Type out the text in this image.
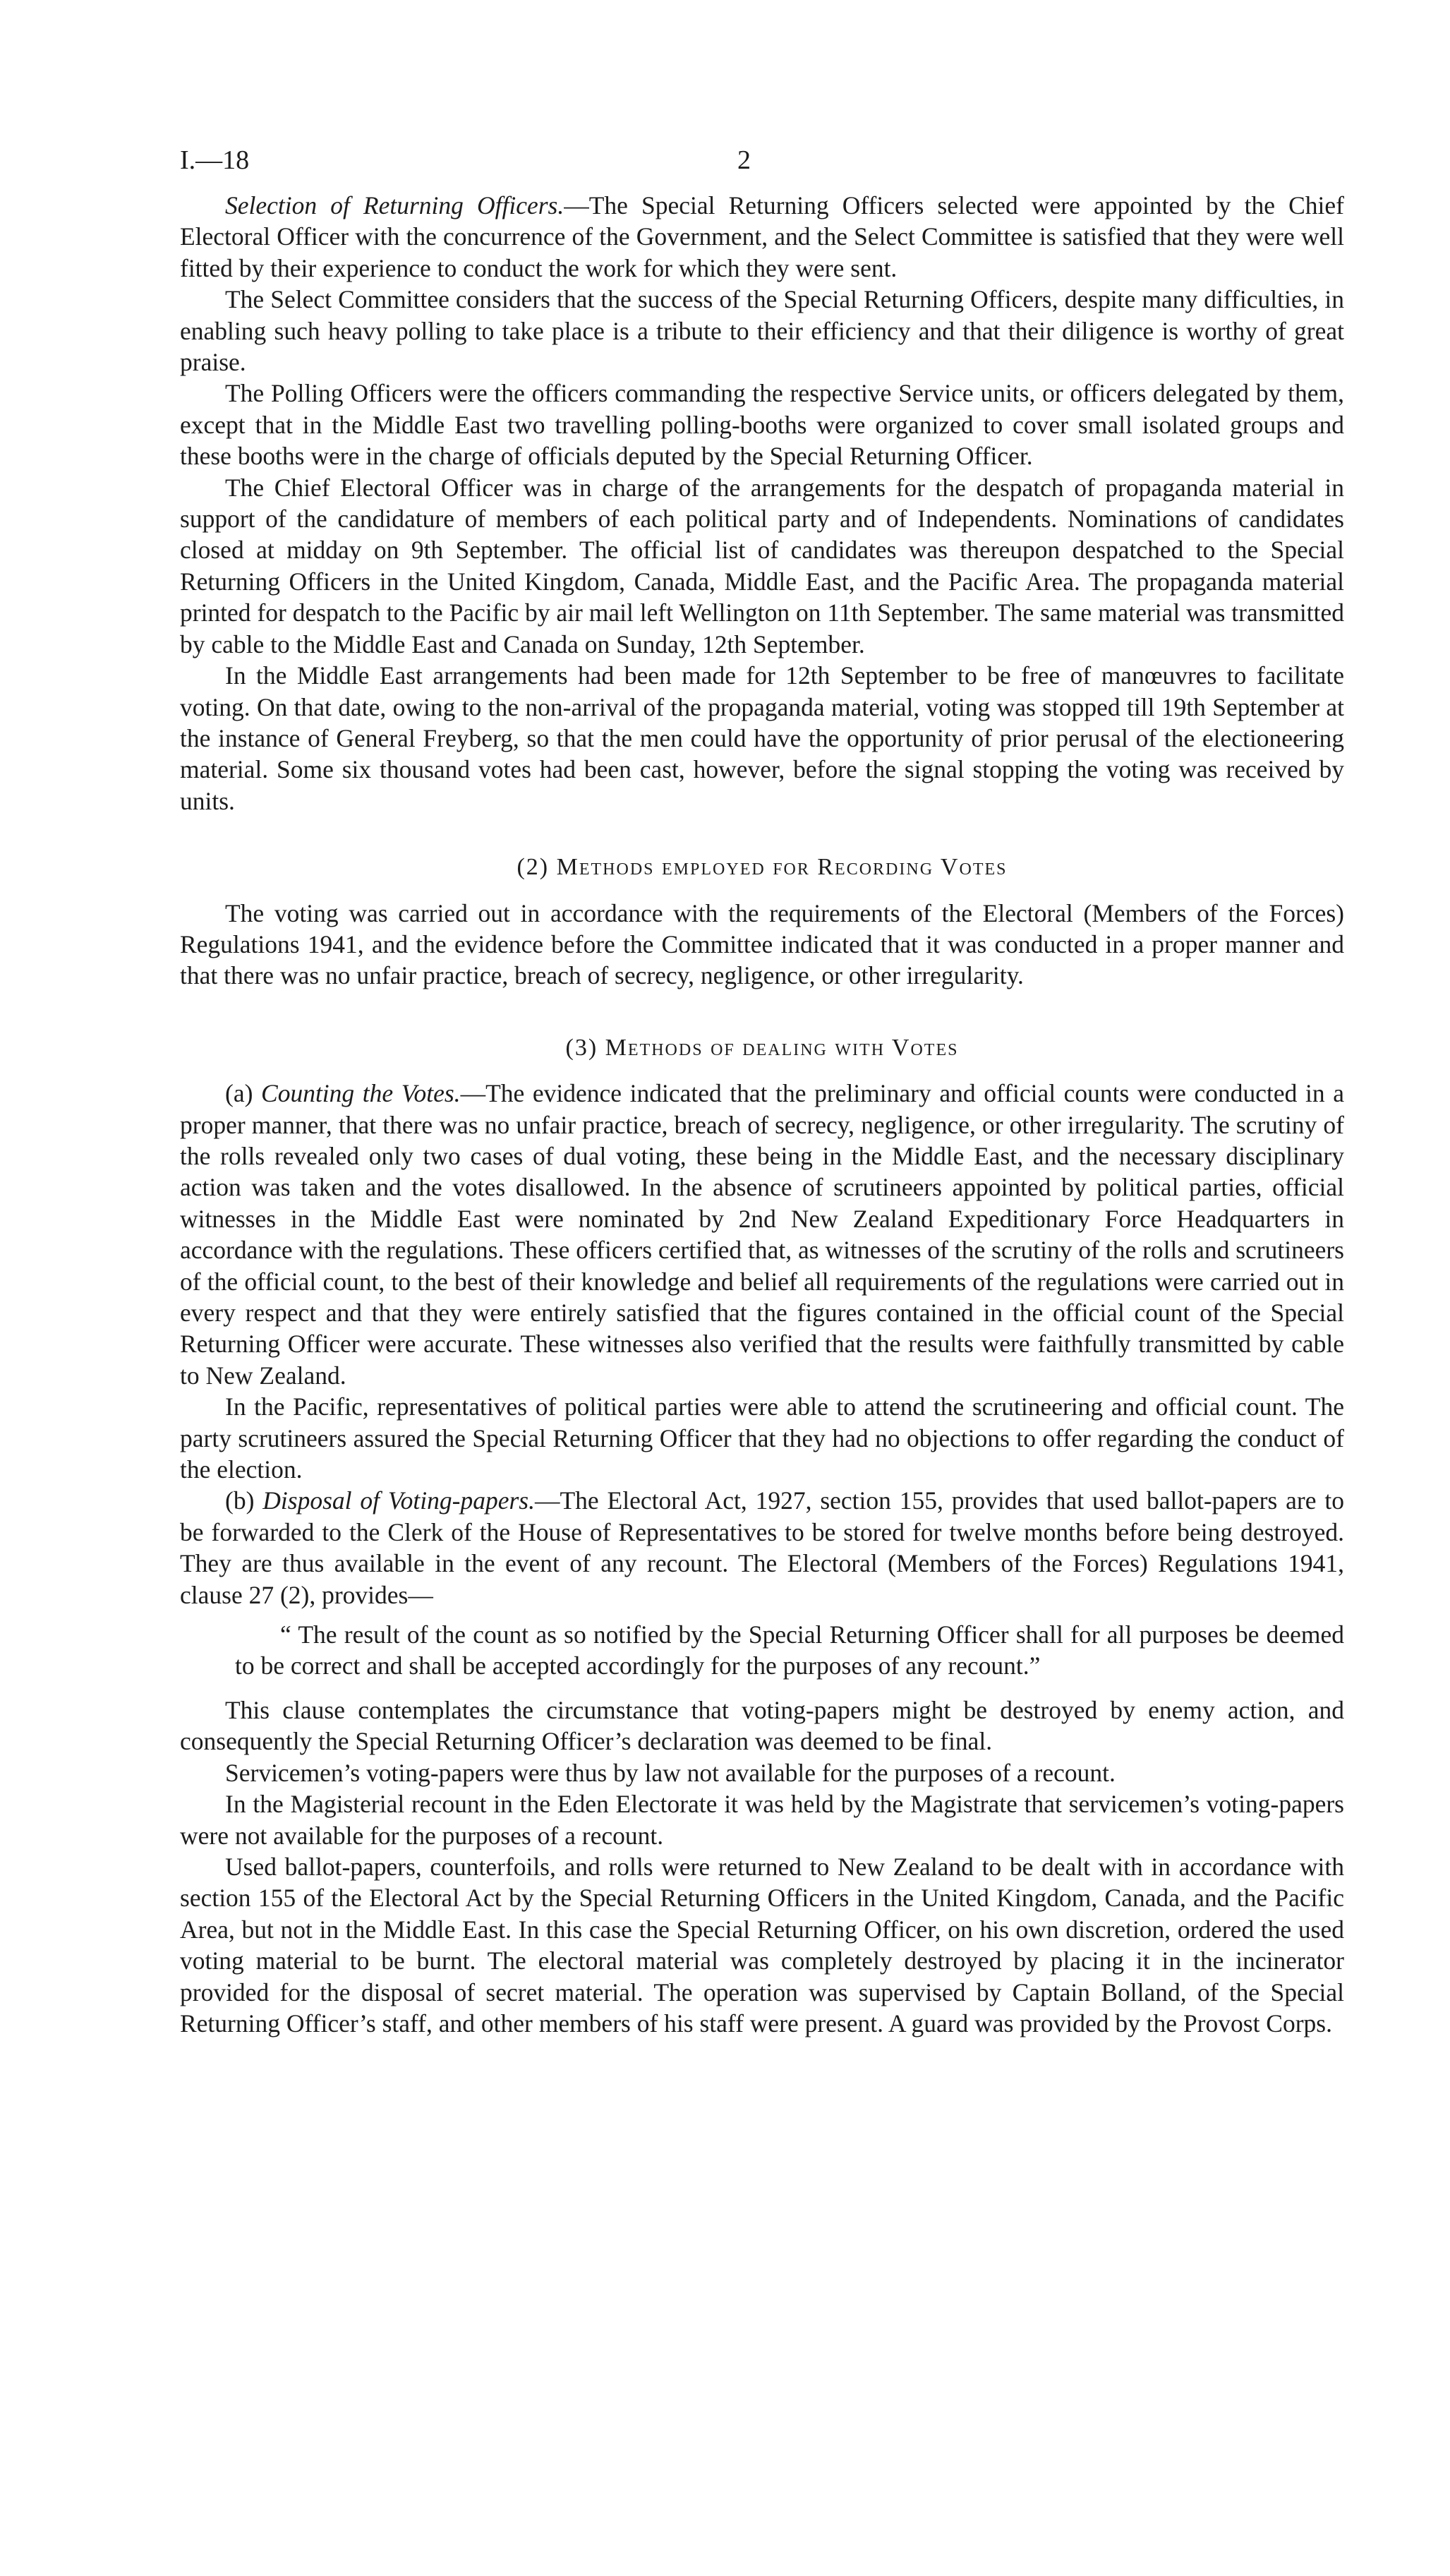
I.—18	2

Selection of Returning Officers.—The Special Returning Officers selected were appointed by the Chief Electoral Officer with the concurrence of the Government, and the Select Committee is satisfied that they were well fitted by their experience to conduct the work for which they were sent.

The Select Committee considers that the success of the Special Returning Officers, despite many difficulties, in enabling such heavy polling to take place is a tribute to their efficiency and that their diligence is worthy of great praise.

The Polling Officers were the officers commanding the respective Service units, or officers delegated by them, except that in the Middle East two travelling polling-booths were organized to cover small isolated groups and these booths were in the charge of officials deputed by the Special Returning Officer.

The Chief Electoral Officer was in charge of the arrangements for the despatch of propaganda material in support of the candidature of members of each political party and of Independents. Nominations of candidates closed at midday on 9th September. The official list of candidates was thereupon despatched to the Special Returning Officers in the United Kingdom, Canada, Middle East, and the Pacific Area. The propaganda material printed for despatch to the Pacific by air mail left Wellington on 11th September. The same material was transmitted by cable to the Middle East and Canada on Sunday, 12th September.

In the Middle East arrangements had been made for 12th September to be free of manœuvres to facilitate voting. On that date, owing to the non-arrival of the propaganda material, voting was stopped till 19th September at the instance of General Freyberg, so that the men could have the opportunity of prior perusal of the electioneering material. Some six thousand votes had been cast, however, before the signal stopping the voting was received by units.

(2) Methods employed for Recording Votes

The voting was carried out in accordance with the requirements of the Electoral (Members of the Forces) Regulations 1941, and the evidence before the Committee indicated that it was conducted in a proper manner and that there was no unfair practice, breach of secrecy, negligence, or other irregularity.

(3) Methods of dealing with Votes

(a) Counting the Votes.—The evidence indicated that the preliminary and official counts were conducted in a proper manner, that there was no unfair practice, breach of secrecy, negligence, or other irregularity. The scrutiny of the rolls revealed only two cases of dual voting, these being in the Middle East, and the necessary disciplinary action was taken and the votes disallowed. In the absence of scrutineers appointed by political parties, official witnesses in the Middle East were nominated by 2nd New Zealand Expeditionary Force Headquarters in accordance with the regulations. These officers certified that, as witnesses of the scrutiny of the rolls and scrutineers of the official count, to the best of their knowledge and belief all requirements of the regulations were carried out in every respect and that they were entirely satisfied that the figures contained in the official count of the Special Returning Officer were accurate. These witnesses also verified that the results were faithfully transmitted by cable to New Zealand.

In the Pacific, representatives of political parties were able to attend the scrutineering and official count. The party scrutineers assured the Special Returning Officer that they had no objections to offer regarding the conduct of the election.

(b) Disposal of Voting-papers.—The Electoral Act, 1927, section 155, provides that used ballot-papers are to be forwarded to the Clerk of the House of Representatives to be stored for twelve months before being destroyed. They are thus available in the event of any recount. The Electoral (Members of the Forces) Regulations 1941, clause 27 (2), provides—

“ The result of the count as so notified by the Special Returning Officer shall for all purposes be deemed to be correct and shall be accepted accordingly for the purposes of any recount.”

This clause contemplates the circumstance that voting-papers might be destroyed by enemy action, and consequently the Special Returning Officer’s declaration was deemed to be final.

Servicemen’s voting-papers were thus by law not available for the purposes of a recount.

In the Magisterial recount in the Eden Electorate it was held by the Magistrate that servicemen’s voting-papers were not available for the purposes of a recount.

Used ballot-papers, counterfoils, and rolls were returned to New Zealand to be dealt with in accordance with section 155 of the Electoral Act by the Special Returning Officers in the United Kingdom, Canada, and the Pacific Area, but not in the Middle East. In this case the Special Returning Officer, on his own discretion, ordered the used voting material to be burnt. The electoral material was completely destroyed by placing it in the incinerator provided for the disposal of secret material. The operation was supervised by Captain Bolland, of the Special Returning Officer’s staff, and other members of his staff were present. A guard was provided by the Provost Corps.
